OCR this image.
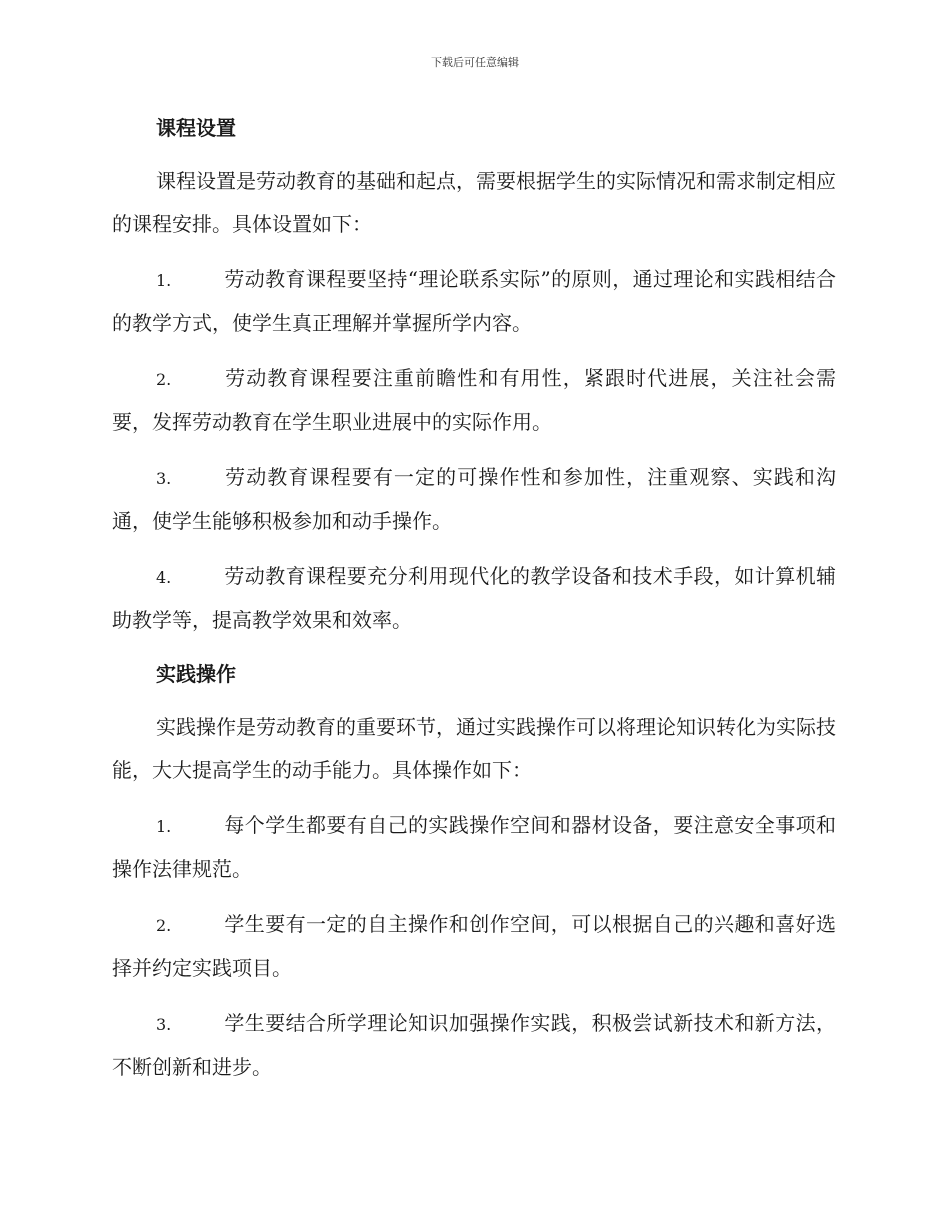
下载后可任意编辑
课程设置
课程设置是劳动教育的基础和起点，需要根据学生的实际情况和需求制定相应的课程安排。具体设置如下：
1.	劳动教育课程要坚持“理论联系实际”的原则，通过理论和实践相结合的教学方式，使学生真正理解并掌握所学内容。
2.	劳动教育课程要注重前瞻性和有用性，紧跟时代进展，关注社会需要，发挥劳动教育在学生职业进展中的实际作用。
3.	劳动教育课程要有一定的可操作性和参加性，注重观察、实践和沟通，使学生能够积极参加和动手操作。
4.	劳动教育课程要充分利用现代化的教学设备和技术手段，如计算机辅助教学等，提高教学效果和效率。
实践操作
实践操作是劳动教育的重要环节，通过实践操作可以将理论知识转化为实际技能，大大提高学生的动手能力。具体操作如下：
1.	每个学生都要有自己的实践操作空间和器材设备，要注意安全事项和操作法律规范。
2.	学生要有一定的自主操作和创作空间，可以根据自己的兴趣和喜好选择并约定实践项目。
3.	学生要结合所学理论知识加强操作实践，积极尝试新技术和新方法，不断创新和进步。
